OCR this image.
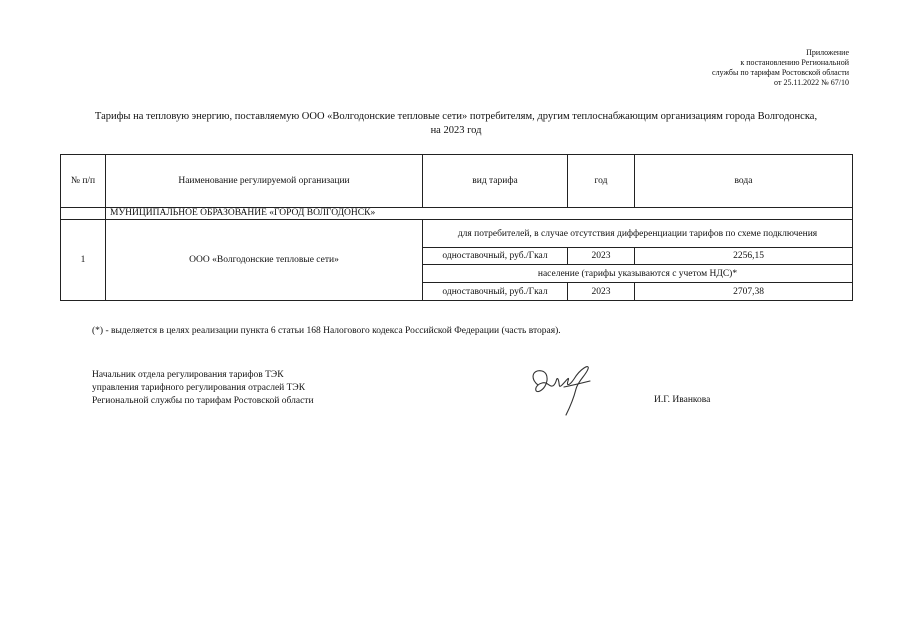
Приложение
к постановлению Региональной
службы по тарифам Ростовской области
от 25.11.2022 № 67/10
Тарифы на тепловую энергию, поставляемую ООО «Волгодонские тепловые сети» потребителям, другим теплоснабжающим организациям города Волгодонска,
на 2023 год
№ п/п	Наименование регулируемой организации	вид тарифа	год	вода
	МУНИЦИПАЛЬНОЕ ОБРАЗОВАНИЕ «ГОРОД ВОЛГОДОНСК»			
1	ООО «Волгодонские тепловые сети»	для потребителей, в случае отсутствия дифференциации тарифов по схеме подключения		
		одноставочный, руб./Гкал	2023	2256,15
		население (тарифы указываются с учетом НДС)*		
		одноставочный, руб./Гкал	2023	2707,38
(*) - выделяется в целях реализации пункта 6 статьи 168 Налогового кодекса Российской Федерации (часть вторая).
Начальник отдела регулирования тарифов ТЭК
управления тарифного регулирования отраслей ТЭК
Региональной службы по тарифам Ростовской области	И.Г. Иванкова
